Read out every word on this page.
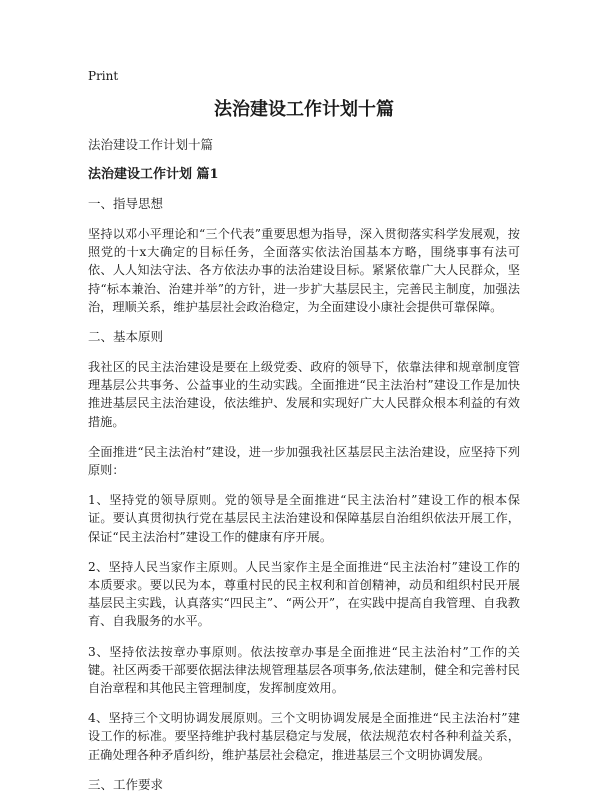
Print
法治建设工作计划十篇
法治建设工作计划十篇
法治建设工作计划 篇1
一、指导思想
坚持以邓小平理论和“三个代表”重要思想为指导，深入贯彻落实科学发展观，按照党的十x大确定的目标任务，全面落实依法治国基本方略，围绕事事有法可依、人人知法守法、各方依法办事的法治建设目标。紧紧依靠广大人民群众，坚持“标本兼治、治建并举”的方针，进一步扩大基层民主，完善民主制度，加强法治，理顺关系，维护基层社会政治稳定，为全面建设小康社会提供可靠保障。
二、基本原则
我社区的民主法治建设是要在上级党委、政府的领导下，依靠法律和规章制度管理基层公共事务、公益事业的生动实践。全面推进“民主法治村”建设工作是加快推进基层民主法治建设，依法维护、发展和实现好广大人民群众根本利益的有效措施。
全面推进“民主法治村”建设，进一步加强我社区基层民主法治建设，应坚持下列原则：
1、坚持党的领导原则。党的领导是全面推进“民主法治村”建设工作的根本保证。要认真贯彻执行党在基层民主法治建设和保障基层自治组织依法开展工作，保证“民主法治村”建设工作的健康有序开展。
2、坚持人民当家作主原则。人民当家作主是全面推进“民主法治村”建设工作的本质要求。要以民为本，尊重村民的民主权利和首创精神，动员和组织村民开展基层民主实践，认真落实“四民主”、“两公开”，在实践中提高自我管理、自我教育、自我服务的水平。
3、坚持依法按章办事原则。依法按章办事是全面推进“民主法治村”工作的关键。社区两委干部要依据法律法规管理基层各项事务,依法建制，健全和完善村民自治章程和其他民主管理制度，发挥制度效用。
4、坚持三个文明协调发展原则。三个文明协调发展是全面推进“民主法治村”建设工作的标准。要坚持维护我村基层稳定与发展，依法规范农村各种利益关系，正确处理各种矛盾纠纷，维护基层社会稳定，推进基层三个文明协调发展。
三、工作要求
